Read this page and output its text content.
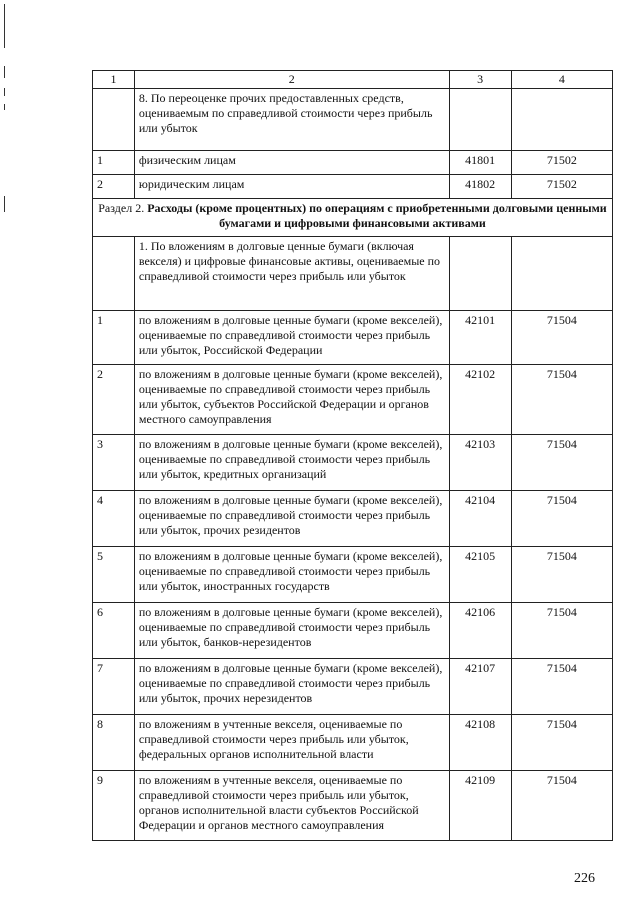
1	2	3	4
	8. По переоценке прочих предоставленных средств, оцениваемым по справедливой стоимости через прибыль или убыток		
1	физическим лицам	41801	71502
2	юридическим лицам	41802	71502
Раздел 2. Расходы (кроме процентных) по операциям с приобретенными долговыми ценными бумагами и цифровыми финансовыми активами			
	1. По вложениям в долговые ценные бумаги (включая векселя) и цифровые финансовые активы, оцениваемые по справедливой стоимости через прибыль или убыток		
1	по вложениям в долговые ценные бумаги (кроме векселей), оцениваемые по справедливой стоимости через прибыль или убыток, Российской Федерации	42101	71504
2	по вложениям в долговые ценные бумаги (кроме векселей), оцениваемые по справедливой стоимости через прибыль или убыток, субъектов Российской Федерации и органов местного самоуправления	42102	71504
3	по вложениям в долговые ценные бумаги (кроме векселей), оцениваемые по справедливой стоимости через прибыль или убыток, кредитных организаций	42103	71504
4	по вложениям в долговые ценные бумаги (кроме векселей), оцениваемые по справедливой стоимости через прибыль или убыток, прочих резидентов	42104	71504
5	по вложениям в долговые ценные бумаги (кроме векселей), оцениваемые по справедливой стоимости через прибыль или убыток, иностранных государств	42105	71504
6	по вложениям в долговые ценные бумаги (кроме векселей), оцениваемые по справедливой стоимости через прибыль или убыток, банков-нерезидентов	42106	71504
7	по вложениям в долговые ценные бумаги (кроме векселей), оцениваемые по справедливой стоимости через прибыль или убыток, прочих нерезидентов	42107	71504
8	по вложениям в учтенные векселя, оцениваемые по справедливой стоимости через прибыль или убыток, федеральных органов исполнительной власти	42108	71504
9	по вложениям в учтенные векселя, оцениваемые по справедливой стоимости через прибыль или убыток, органов исполнительной власти субъектов Российской Федерации и органов местного самоуправления	42109	71504
226
